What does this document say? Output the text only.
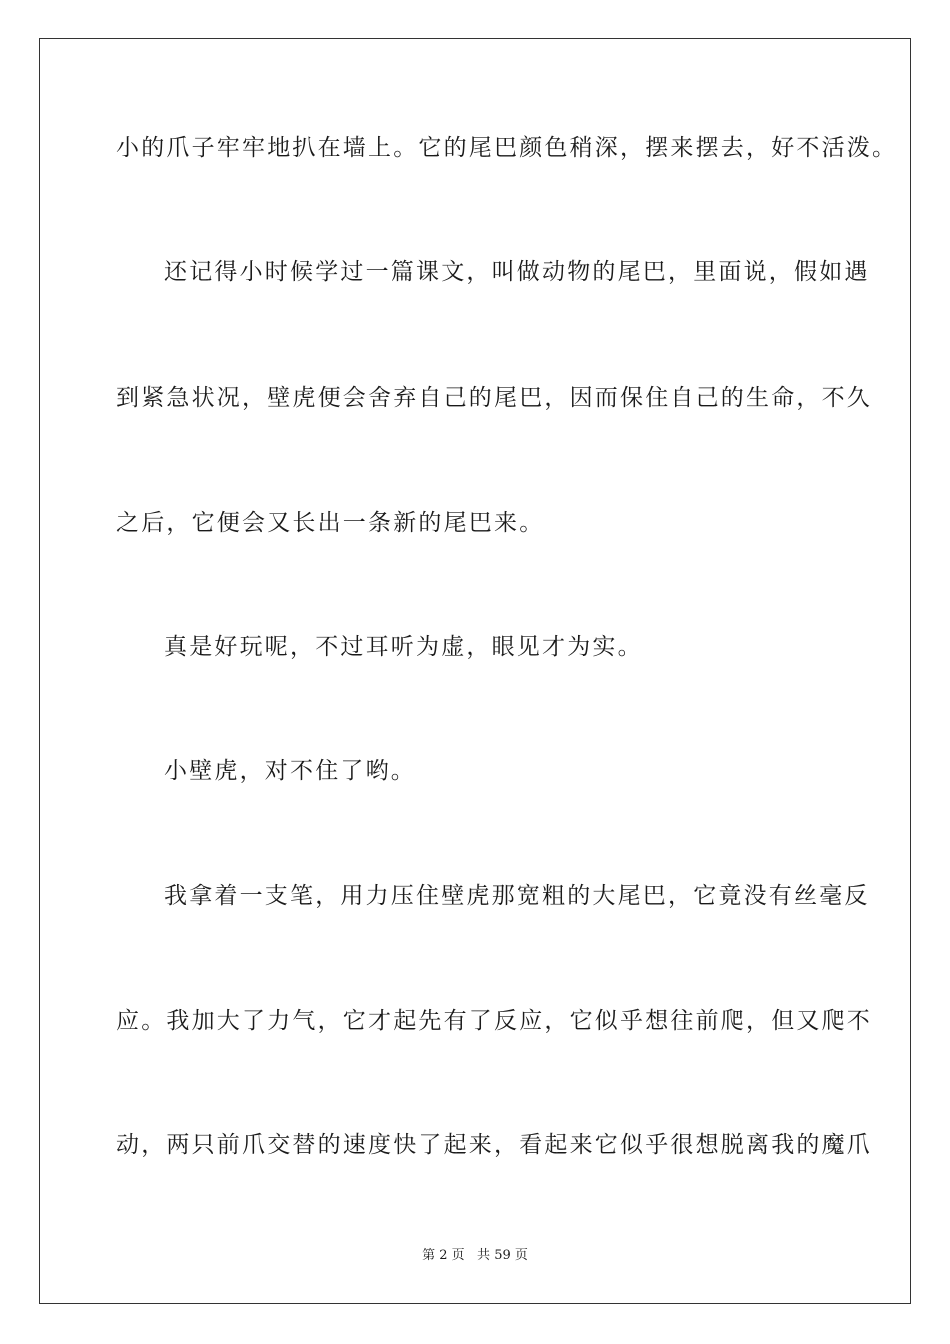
小的爪子牢牢地扒在墙上。它的尾巴颜色稍深，摆来摆去，好不活泼。
还记得小时候学过一篇课文，叫做动物的尾巴，里面说，假如遇
到紧急状况，壁虎便会舍弃自己的尾巴，因而保住自己的生命，不久
之后，它便会又长出一条新的尾巴来。
真是好玩呢，不过耳听为虚，眼见才为实。
小壁虎，对不住了哟。
我拿着一支笔，用力压住壁虎那宽粗的大尾巴，它竟没有丝毫反
应。我加大了力气，它才起先有了反应，它似乎想往前爬，但又爬不
动，两只前爪交替的速度快了起来，看起来它似乎很想脱离我的魔爪
第 2 页   共 59 页
